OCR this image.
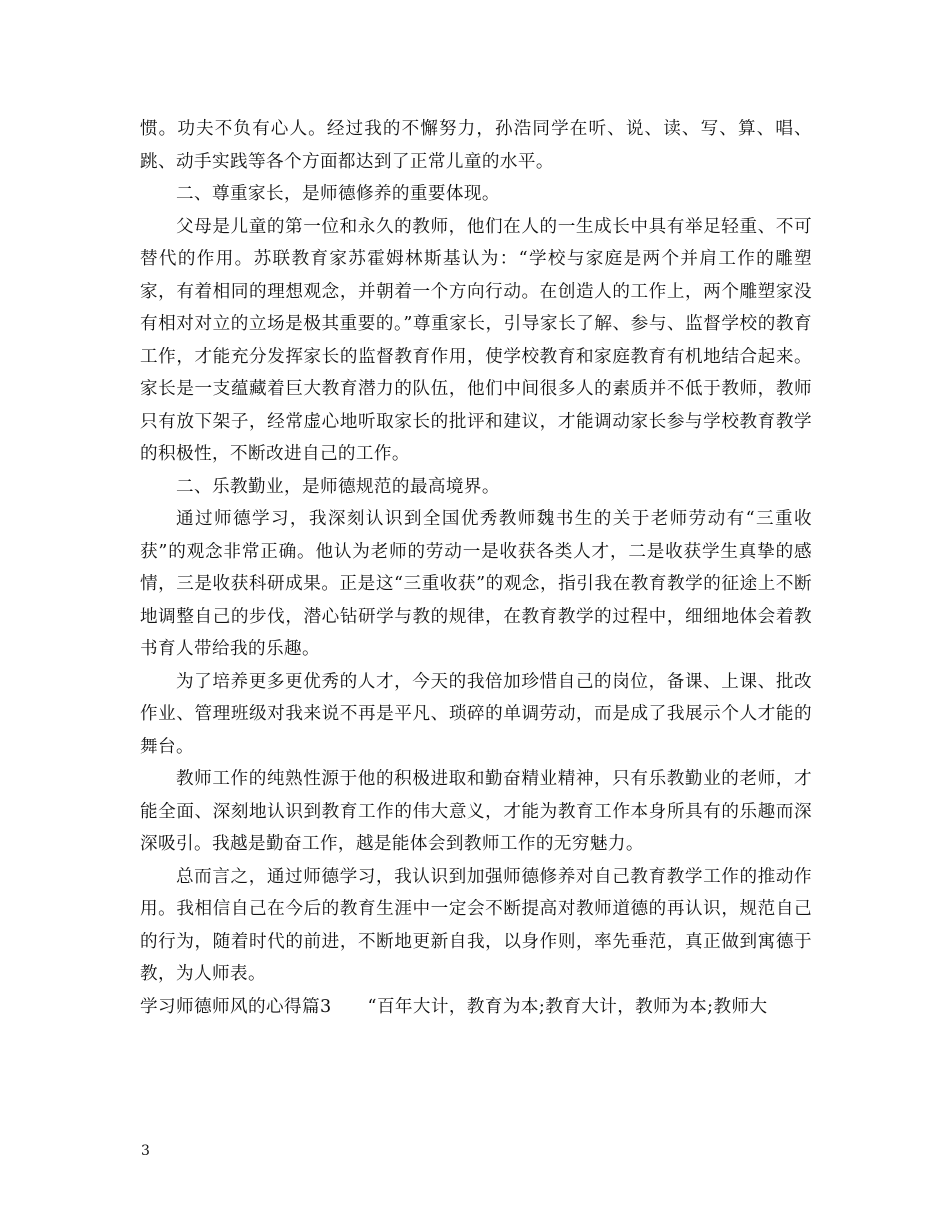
惯。功夫不负有心人。经过我的不懈努力，孙浩同学在听、说、读、写、算、唱、跳、动手实践等各个方面都达到了正常儿童的水平。

二、尊重家长，是师德修养的重要体现。

父母是儿童的第一位和永久的教师，他们在人的一生成长中具有举足轻重、不可替代的作用。苏联教育家苏霍姆林斯基认为：“学校与家庭是两个并肩工作的雕塑家，有着相同的理想观念，并朝着一个方向行动。在创造人的工作上，两个雕塑家没有相对对立的立场是极其重要的。”尊重家长，引导家长了解、参与、监督学校的教育工作，才能充分发挥家长的监督教育作用，使学校教育和家庭教育有机地结合起来。家长是一支蕴藏着巨大教育潜力的队伍，他们中间很多人的素质并不低于教师，教师只有放下架子，经常虚心地听取家长的批评和建议，才能调动家长参与学校教育教学的积极性，不断改进自己的工作。

二、乐教勤业，是师德规范的最高境界。

通过师德学习，我深刻认识到全国优秀教师魏书生的关于老师劳动有“三重收获”的观念非常正确。他认为老师的劳动一是收获各类人才，二是收获学生真挚的感情，三是收获科研成果。正是这“三重收获”的观念，指引我在教育教学的征途上不断地调整自己的步伐，潜心钻研学与教的规律，在教育教学的过程中，细细地体会着教书育人带给我的乐趣。

为了培养更多更优秀的人才，今天的我倍加珍惜自己的岗位，备课、上课、批改作业、管理班级对我来说不再是平凡、琐碎的单调劳动，而是成了我展示个人才能的舞台。

教师工作的纯熟性源于他的积极进取和勤奋精业精神，只有乐教勤业的老师，才能全面、深刻地认识到教育工作的伟大意义，才能为教育工作本身所具有的乐趣而深深吸引。我越是勤奋工作，越是能体会到教师工作的无穷魅力。

总而言之，通过师德学习，我认识到加强师德修养对自己教育教学工作的推动作用。我相信自己在今后的教育生涯中一定会不断提高对教师道德的再认识，规范自己的行为，随着时代的前进，不断地更新自我，以身作则，率先垂范，真正做到寓德于教，为人师表。

学习师德师风的心得篇3 “百年大计，教育为本;教育大计，教师为本;教师大

3
